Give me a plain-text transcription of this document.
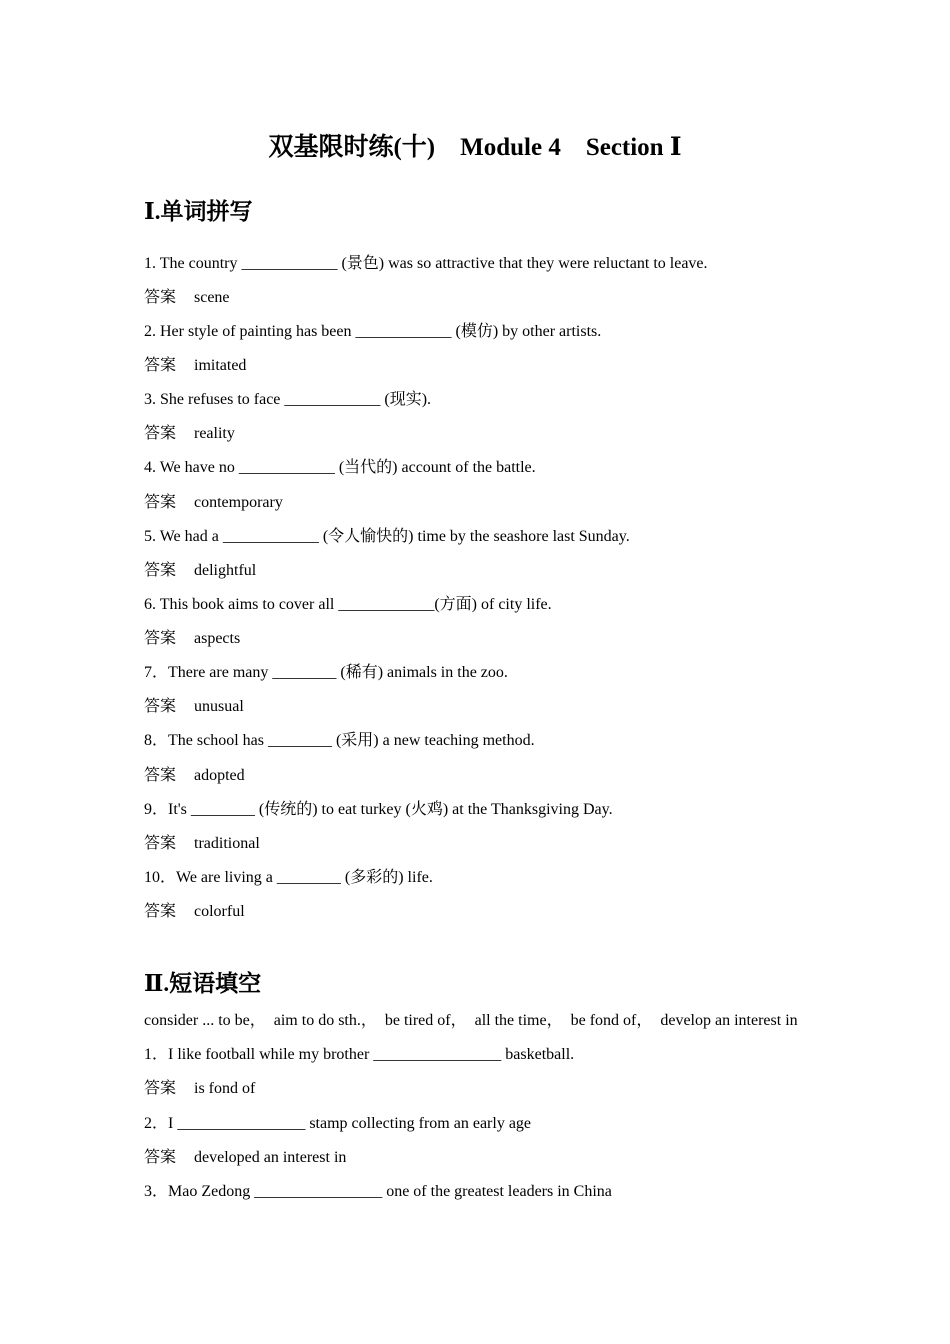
双基限时练(十)　Module 4　Section Ⅰ
Ⅰ.单词拼写
1. The country ____________ (景色) was so attractive that they were reluctant to leave.
答案 scene
2. Her style of painting has been ____________ (模仿) by other artists.
答案 imitated
3. She refuses to face ____________ (现实).
答案 reality
4. We have no ____________ (当代的) account of the battle.
答案 contemporary
5. We had a ____________ (令人愉快的) time by the seashore last Sunday.
答案 delightful
6. This book aims to cover all ____________(方面) of city life.
答案 aspects
7．There are many ________ (稀有) animals in the zoo.
答案 unusual
8．The school has ________ (采用) a new teaching method.
答案 adopted
9．It's ________ (传统的) to eat turkey (火鸡) at the Thanksgiving Day.
答案 traditional
10．We are living a ________ (多彩的) life.
答案 colorful
Ⅱ.短语填空
consider ... to be，  aim to do sth.，  be tired of，  all the time，  be fond of，  develop an interest in
1．I like football while my brother ________________ basketball.
答案 is fond of
2．I ________________ stamp collecting from an early age
答案 developed an interest in
3．Mao Zedong ________________ one of the greatest leaders in China
